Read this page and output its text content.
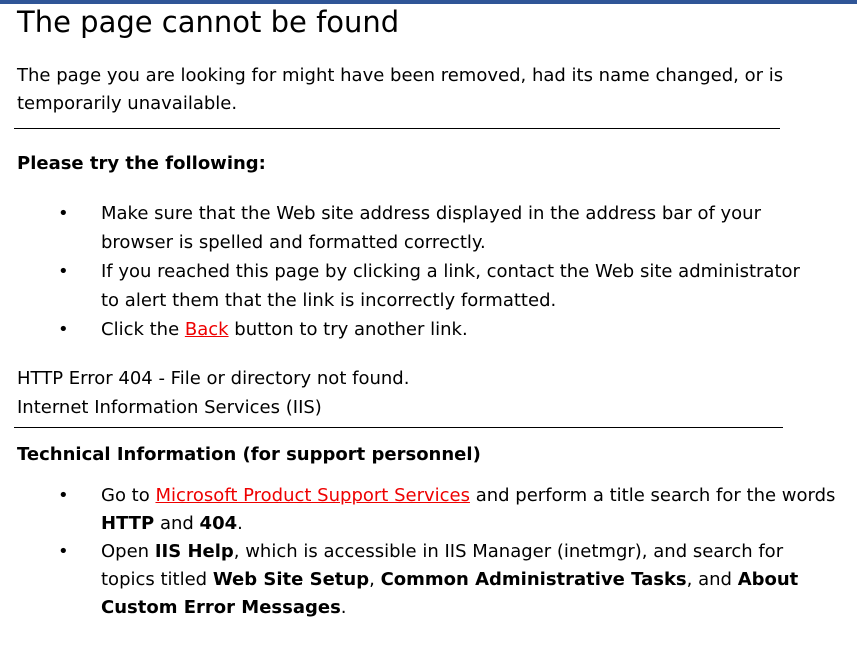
The page cannot be found

The page you are looking for might have been removed, had its name changed, or is temporarily unavailable.

Please try the following:
• Make sure that the Web site address displayed in the address bar of your browser is spelled and formatted correctly.
• If you reached this page by clicking a link, contact the Web site administrator to alert them that the link is incorrectly formatted.
• Click the Back button to try another link.
HTTP Error 404 - File or directory not found.
Internet Information Services (IIS)
Technical Information (for support personnel)
• Go to Microsoft Product Support Services and perform a title search for the words HTTP and 404.
• Open IIS Help, which is accessible in IIS Manager (inetmgr), and search for topics titled Web Site Setup, Common Administrative Tasks, and About Custom Error Messages.
